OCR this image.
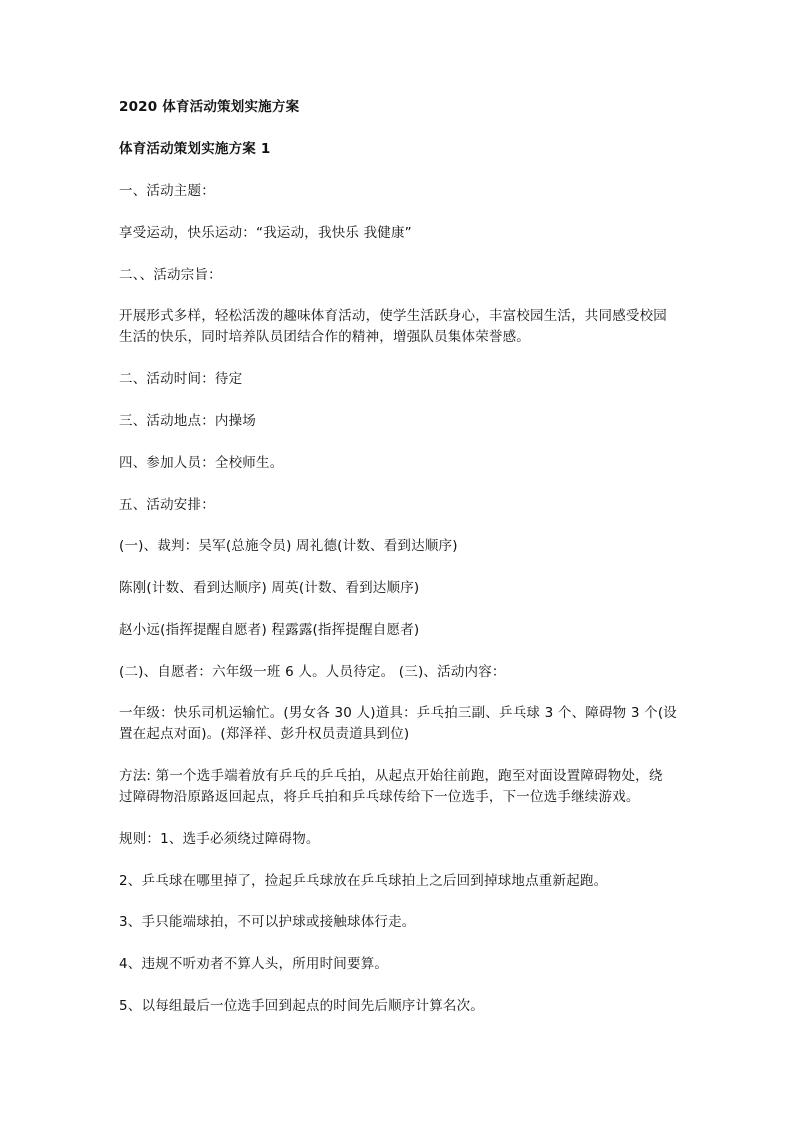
2020 体育活动策划实施方案
体育活动策划实施方案 1
一、活动主题：
享受运动，快乐运动：“我运动，我快乐 我健康”
二、、活动宗旨：
开展形式多样，轻松活泼的趣味体育活动，使学生活跃身心，丰富校园生活，共同感受校园
生活的快乐，同时培养队员团结合作的精神，增强队员集体荣誉感。
二、活动时间：待定
三、活动地点：内操场
四、参加人员：全校师生。
五、活动安排：
(一)、裁判：吴军(总施令员) 周礼德(计数、看到达顺序)
陈刚(计数、看到达顺序) 周英(计数、看到达顺序)
赵小远(指挥提醒自愿者) 程露露(指挥提醒自愿者)
(二)、自愿者：六年级一班 6 人。人员待定。 (三)、活动内容：
一年级：快乐司机运输忙。(男女各 30 人)道具：乒乓拍三副、乒乓球 3 个、障碍物 3 个(设
置在起点对面)。(郑泽祥、彭升权员责道具到位)
方法: 第一个选手端着放有乒乓的乒乓拍，从起点开始往前跑，跑至对面设置障碍物处，绕
过障碍物沿原路返回起点，将乒乓拍和乒乓球传给下一位选手，下一位选手继续游戏。
规则：1、选手必须绕过障碍物。
2、乒乓球在哪里掉了，捡起乒乓球放在乒乓球拍上之后回到掉球地点重新起跑。
3、手只能端球拍，不可以护球或接触球体行走。
4、违规不听劝者不算人头，所用时间要算。
5、以每组最后一位选手回到起点的时间先后顺序计算名次。
